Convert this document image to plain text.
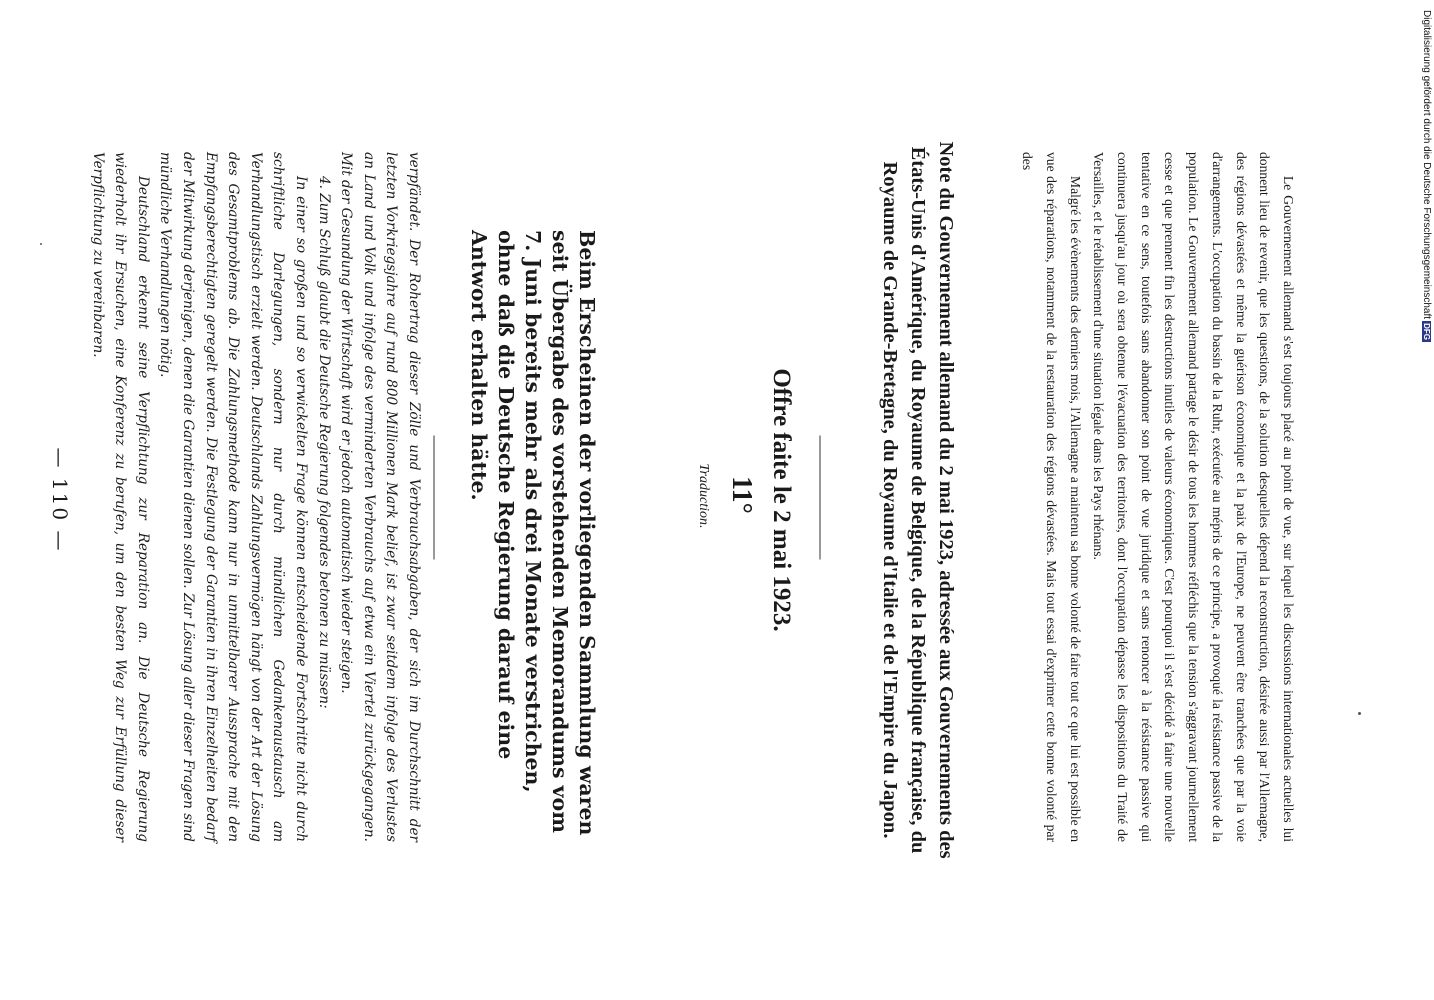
— 110 —	verpfändet. Der Rohertrag dieser Zölle und Verbrauchsabgaben, der sich im Durchschnitt der letzten Vorkriegsjahre auf rund 800 Millionen Mark belief, ist zwar seitdem infolge des Verlustes an Land und Volk und infolge des verminderten Verbrauchs auf etwa ein Viertel zurückgegangen. Mit der Gesundung der Wirtschaft wird er jedoch automatisch wieder steigen.

4. Zum Schluß glaubt die Deutsche Regierung folgendes betonen zu müssen:

In einer so großen und so verwickelten Frage können entscheidende Fortschritte nicht durch schriftliche Darlegungen, sondern nur durch mündlichen Gedankenaustausch am Verhandlungstisch erzielt werden. Deutschlands Zahlungsvermögen hängt von der Art der Lösung des Gesamtproblems ab. Die Zahlungsmethode kann nur in unmittelbarer Aussprache mit den Empfangsberechtigten geregelt werden. Die Festlegung der Garantien in ihren Einzelheiten bedarf der Mitwirkung derjenigen, denen die Garantien dienen sollen. Zur Lösung aller dieser Fragen sind mündliche Verhandlungen nötig.

Deutschland erkennt seine Verpflichtung zur Reparation an. Die Deutsche Regierung wiederholt ihr Ersuchen, eine Konferenz zu berufen, um den besten Weg zur Erfüllung dieser Verpflichtung zu vereinbaren.	Beim Erscheinen der vorliegenden Sammlung waren seit Übergabe des vorstehenden Memorandums vom 7. Juni bereits mehr als drei Monate verstrichen, ohne daß die Deutsche Regierung darauf eine Antwort erhalten hätte.	Traduction. 11° Offre faite le 2 mai 1923.	Note du Gouvernement allemand du 2 mai 1923, adressée aux Gouvernements des États-Unis d'Amérique, du Royaume de Belgique, de la République française, du Royaume de Grande-Bretagne, du Royaume d'Italie et de l'Empire du Japon.	Le Gouvernement allemand s'est toujours placé au point de vue, sur lequel les discussions internationales actuelles lui donnent lieu de revenir, que les questions, de la solution desquelles dépend la reconstruction, désirée aussi par l'Allemagne, des régions dévastées et même la guérison économique et la paix de l'Europe, ne peuvent être tranchées que par la voie d'arrangements. L'occupation du bassin de la Ruhr, exécutée au mépris de ce principe, a provoqué la résistance passive de la population. Le Gouvernement allemand partage le désir de tous les hommes réfléchis que la tension s'aggravant journellement cesse et que prennent fin les destructions inutiles de valeurs économiques. C'est pourquoi il s'est décidé à faire une nouvelle tentative en ce sens, toutefois sans abandonner son point de vue juridique et sans renoncer à la résistance passive qui continuera jusqu'au jour où sera obtenue l'évacuation des territoires, dont l'occupation dépasse les dispositions du Traité de Versailles, et le rétablissement d'une situation légale dans les Pays rhénans.

Malgré les évènements des derniers mois, l'Allemagne a maintenu sa bonne volonté de faire tout ce que lui est possible en vue des réparations, notamment de la restauration des régions dévastées. Mais tout essai d'exprimer cette bonne volonté par des	Digitalisierung gefördert durch die Deutsche ForschungsgemeinschaftDFG
